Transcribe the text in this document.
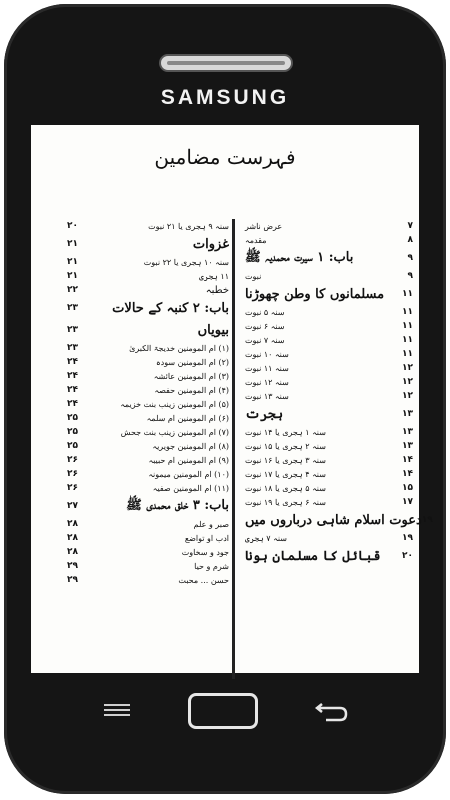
SAMSUNG
فہرست مضامین
۲۰	سنہ ۹ ہجری یا ۲۱ نبوت
۲۱	غزوات
۲۱	سنہ ۱۰ ہجری یا ۲۲ نبوت
۲۱	۱۱ ہجری
۲۲	خطبہ
۲۳	باب: ۲ کنبہ کے حالات
۲۳	بیویاں
۲۳	(۱) ام المومنین خدیجۃ الکبریٰ
۲۴	(۲) ام المومنین سودہ
۲۴	(۳) ام المومنین عائشہ
۲۴	(۴) ام المومنین حفصہ
۲۴	(۵) ام المومنین زینب بنت خزیمہ
۲۵	(۶) ام المومنین ام سلمہ
۲۵	(۷) ام المومنین زینب بنت جحش
۲۵	(۸) ام المومنین جویریہ
۲۶	(۹) ام المومنین ام حبیبہ
۲۶	(۱۰) ام المومنین میمونہ
۲۶	(۱۱) ام المومنین صفیہ
۲۷	باب: ۳ خلق محمدی ﷺ
۲۸	صبر و علم
۲۸	ادب او تواضع
۲۸	جود و سخاوت
۲۹	شرم و حیا
۲۹	حسن ... محبت
عرض ناشر	۷
مقدمہ	۸
باب: ۱ سیرت محمدیہ ﷺ	۹
نبوت	۹
مسلمانوں کا وطن چھوڑنا ۱۱
سنہ ۵ نبوت	۱۱
سنہ ۶ نبوت	۱۱
سنہ ۷ نبوت	۱۱
سنہ ۱۰ نبوت	۱۱
سنہ ۱۱ نبوت	۱۲
سنہ ۱۲ نبوت	۱۲
سنہ ۱۳ نبوت	۱۲
ہجرت	۱۳
سنہ ۱ ہجری یا ۱۴ نبوت	۱۳
سنہ ۲ ہجری یا ۱۵ نبوت	۱۳
سنہ ۳ ہجری یا ۱۶ نبوت	۱۴
سنہ ۴ ہجری یا ۱۷ نبوت	۱۴
سنہ ۵ ہجری یا ۱۸ نبوت	۱۵
سنہ ۶ ہجری یا ۱۹ نبوت	۱۷
دعوت اسلام شاہی درباروں میں ۱۹
سنہ ۷ ہجری	۱۹
قبائل کا مسلمان ہونا ۲۰
